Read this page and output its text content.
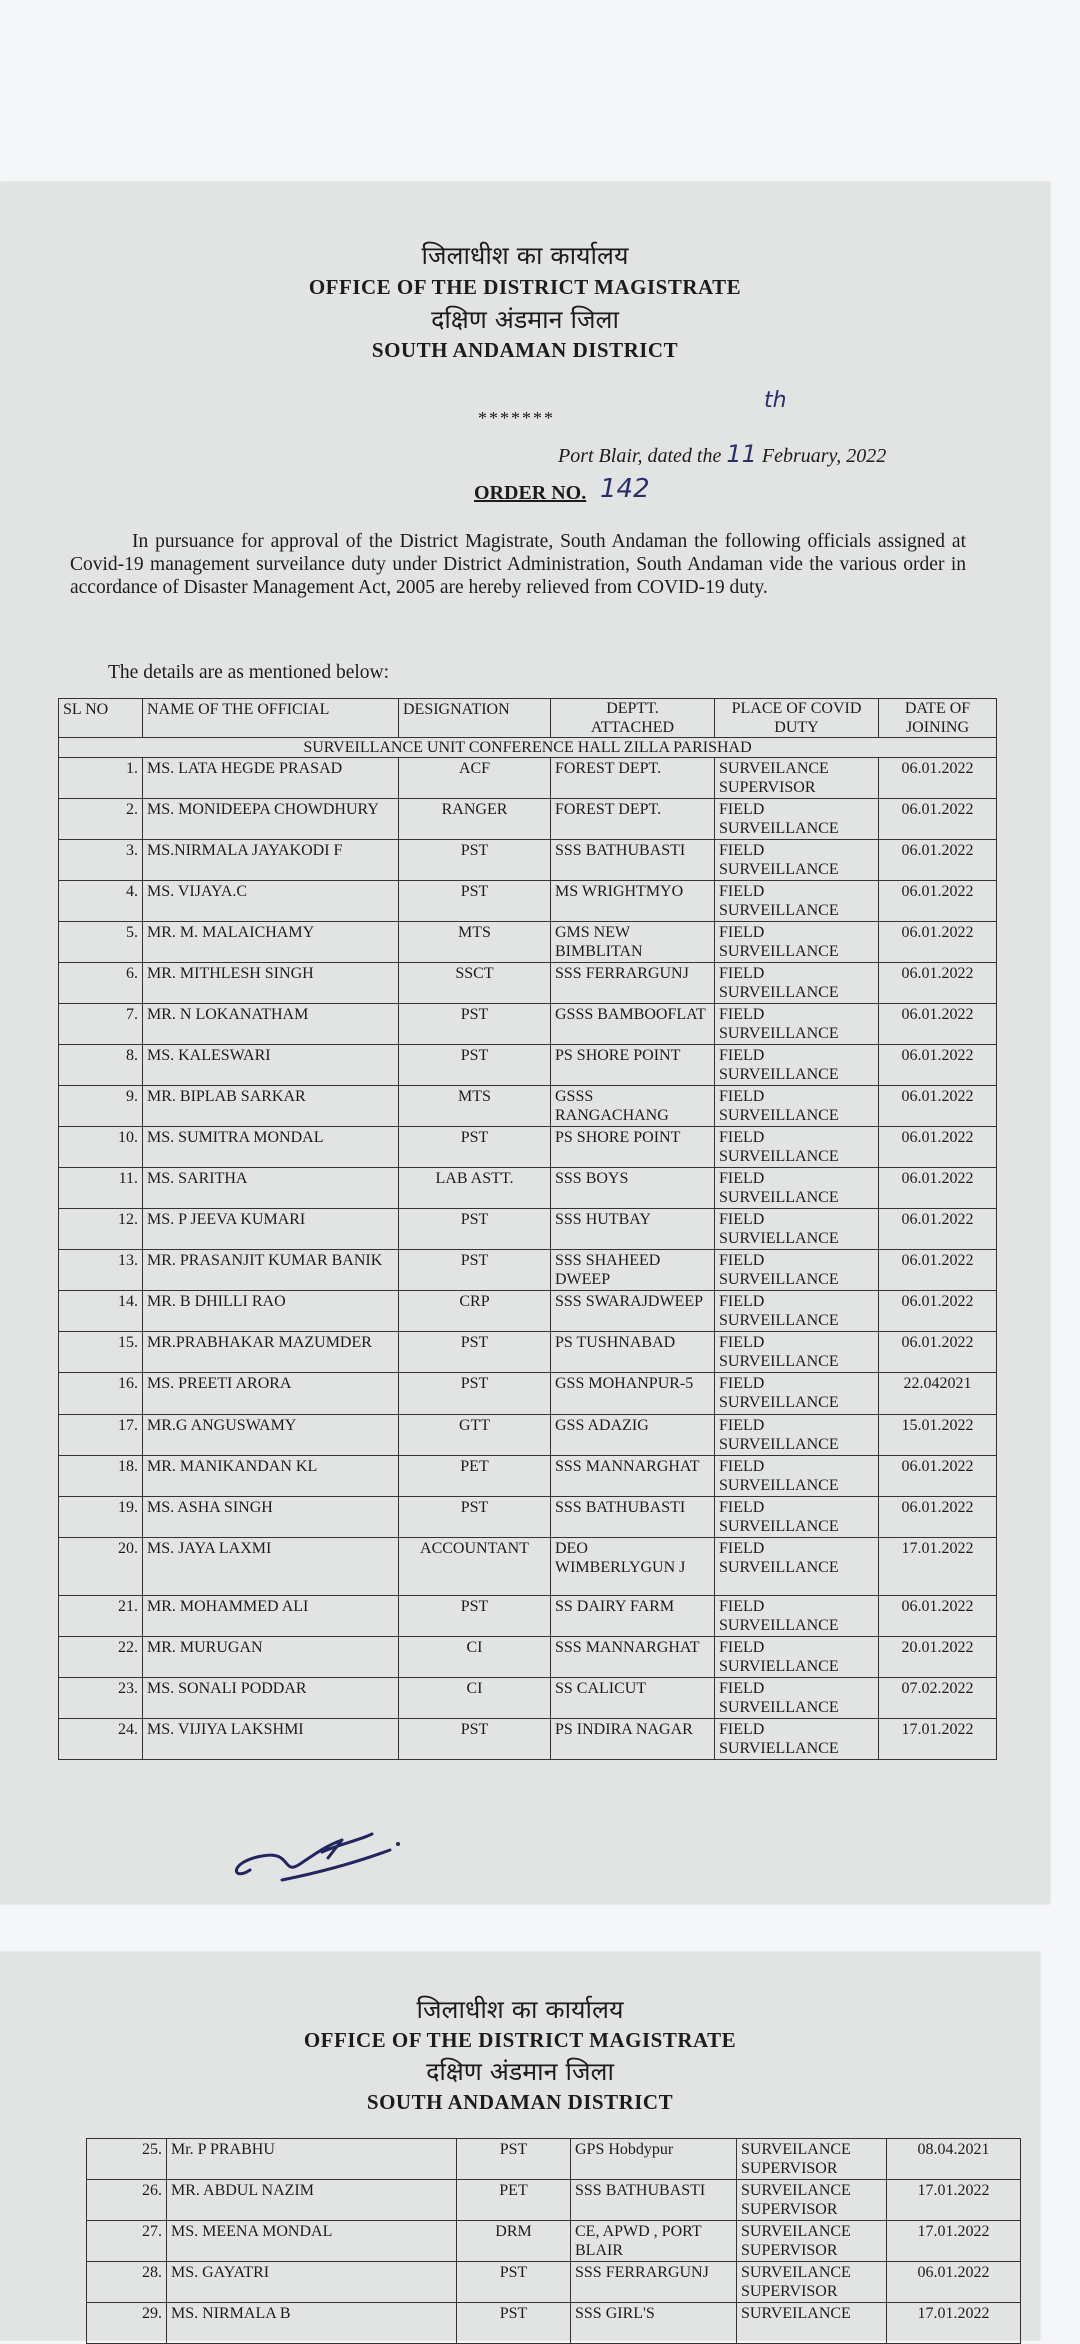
जिलाधीश का कार्यालय
OFFICE OF THE DISTRICT MAGISTRATE
दक्षिण अंडमान जिला
SOUTH ANDAMAN DISTRICT
*******
th
Port Blair, dated the 11 February, 2022
ORDER NO. 142
In pursuance for approval of the District Magistrate, South Andaman the following officials assigned at Covid-19 management surveilance duty under District Administration, South Andaman vide the various order in accordance of Disaster Management Act, 2005 are hereby relieved from COVID-19 duty.
The details are as mentioned below:
SL NO	NAME OF THE OFFICIAL	DESIGNATION	DEPTT. ATTACHED	PLACE OF COVID DUTY	DATE OF JOINING
SURVEILLANCE UNIT CONFERENCE HALL ZILLA PARISHAD					
1.	MS. LATA HEGDE PRASAD	ACF	FOREST DEPT.	SURVEILANCE SUPERVISOR	06.01.2022
2.	MS. MONIDEEPA CHOWDHURY	RANGER	FOREST DEPT.	FIELD SURVEILLANCE	06.01.2022
3.	MS.NIRMALA JAYAKODI F	PST	SSS BATHUBASTI	FIELD SURVEILLANCE	06.01.2022
4.	MS. VIJAYA.C	PST	MS WRIGHTMYO	FIELD SURVEILLANCE	06.01.2022
5.	MR. M. MALAICHAMY	MTS	GMS NEW BIMBLITAN	FIELD SURVEILLANCE	06.01.2022
6.	MR. MITHLESH SINGH	SSCT	SSS FERRARGUNJ	FIELD SURVEILLANCE	06.01.2022
7.	MR. N LOKANATHAM	PST	GSSS BAMBOOFLAT	FIELD SURVEILLANCE	06.01.2022
8.	MS. KALESWARI	PST	PS SHORE POINT	FIELD SURVEILLANCE	06.01.2022
9.	MR. BIPLAB SARKAR	MTS	GSSS RANGACHANG	FIELD SURVEILLANCE	06.01.2022
10.	MS. SUMITRA MONDAL	PST	PS SHORE POINT	FIELD SURVEILLANCE	06.01.2022
11.	MS. SARITHA	LAB ASTT.	SSS BOYS	FIELD SURVEILLANCE	06.01.2022
12.	MS. P JEEVA KUMARI	PST	SSS HUTBAY	FIELD SURVIELLANCE	06.01.2022
13.	MR. PRASANJIT KUMAR BANIK	PST	SSS SHAHEED DWEEP	FIELD SURVEILLANCE	06.01.2022
14.	MR. B DHILLI RAO	CRP	SSS SWARAJDWEEP	FIELD SURVEILLANCE	06.01.2022
15.	MR.PRABHAKAR MAZUMDER	PST	PS TUSHNABAD	FIELD SURVEILLANCE	06.01.2022
16.	MS. PREETI ARORA	PST	GSS MOHANPUR-5	FIELD SURVEILLANCE	22.042021
17.	MR.G ANGUSWAMY	GTT	GSS ADAZIG	FIELD SURVEILLANCE	15.01.2022
18.	MR. MANIKANDAN KL	PET	SSS MANNARGHAT	FIELD SURVEILLANCE	06.01.2022
19.	MS. ASHA SINGH	PST	SSS BATHUBASTI	FIELD SURVEILLANCE	06.01.2022
20.	MS. JAYA LAXMI	ACCOUNTANT	DEO WIMBERLYGUN J	FIELD SURVEILLANCE	17.01.2022
21.	MR. MOHAMMED ALI	PST	SS DAIRY FARM	FIELD SURVEILLANCE	06.01.2022
22.	MR. MURUGAN	CI	SSS MANNARGHAT	FIELD SURVIELLANCE	20.01.2022
23.	MS. SONALI PODDAR	CI	SS CALICUT	FIELD SURVEILLANCE	07.02.2022
24.	MS. VIJIYA LAKSHMI	PST	PS INDIRA NAGAR	FIELD SURVIELLANCE	17.01.2022
जिलाधीश का कार्यालय
OFFICE OF THE DISTRICT MAGISTRATE
दक्षिण अंडमान जिला
SOUTH ANDAMAN DISTRICT
25.	Mr. P PRABHU	PST	GPS Hobdypur	SURVEILANCE SUPERVISOR	08.04.2021
26.	MR. ABDUL NAZIM	PET	SSS BATHUBASTI	SURVEILANCE SUPERVISOR	17.01.2022
27.	MS. MEENA MONDAL	DRM	CE, APWD , PORT BLAIR	SURVEILANCE SUPERVISOR	17.01.2022
28.	MS. GAYATRI	PST	SSS FERRARGUNJ	SURVEILANCE SUPERVISOR	06.01.2022
29.	MS. NIRMALA B	PST	SSS GIRL'S	SURVEILANCE	17.01.2022
